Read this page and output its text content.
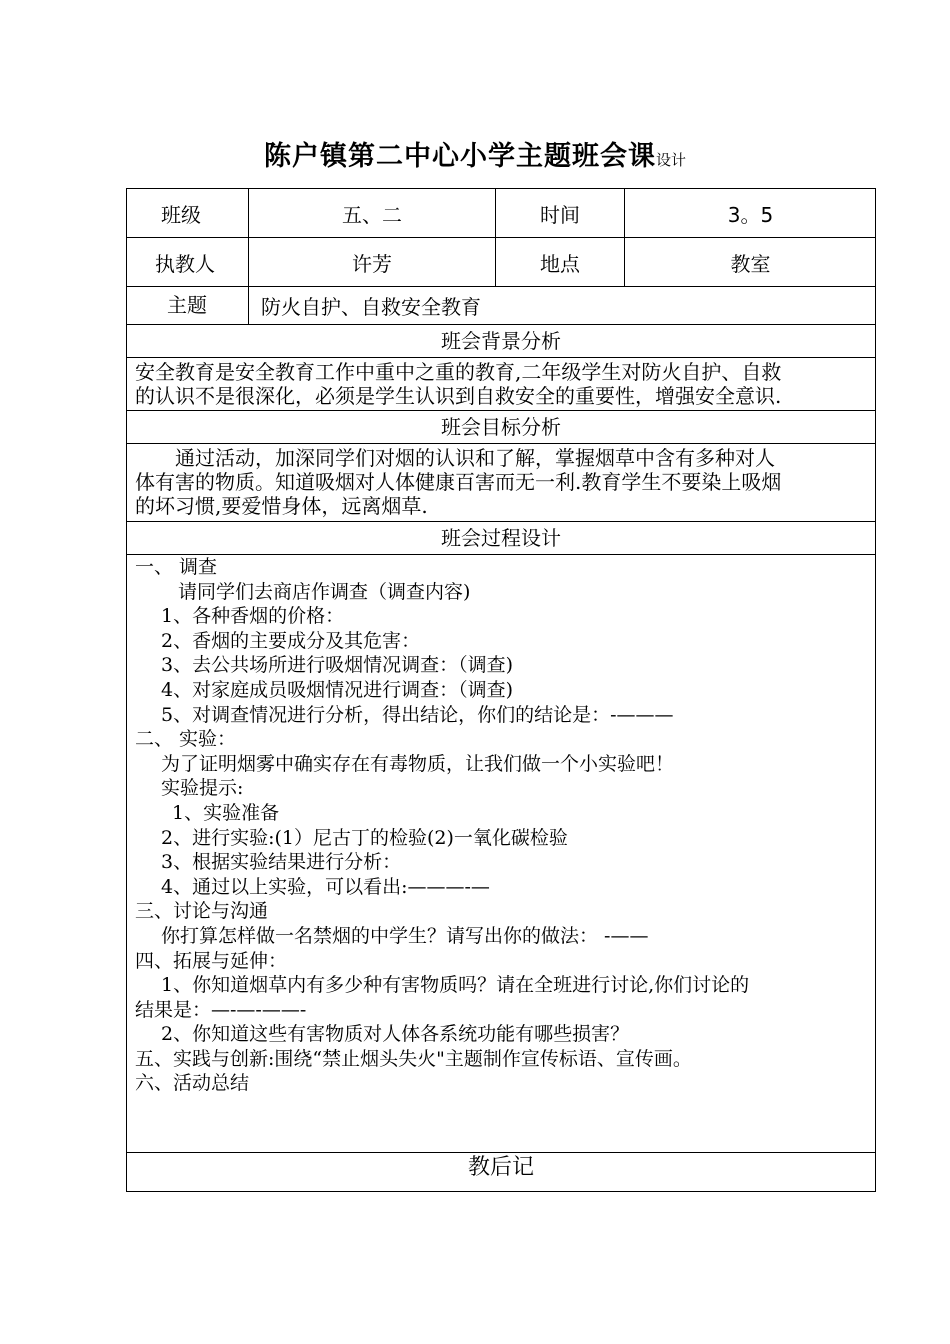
陈户镇第二中心小学主题班会课设计
班级	五、二	时间	3。5
执教人	许芳	地点	教室
主题	防火自护、自救安全教育
班会背景分析
安全教育是安全教育工作中重中之重的教育,二年级学生对防火自护、自救
的认识不是很深化，必须是学生认识到自救安全的重要性，增强安全意识.
班会目标分析
通过活动，加深同学们对烟的认识和了解，掌握烟草中含有多种对人
体有害的物质。知道吸烟对人体健康百害而无一利.教育学生不要染上吸烟
的坏习惯,要爱惜身体，远离烟草.
班会过程设计
一、 调查
请同学们去商店作调查（调查内容)
1、各种香烟的价格：
2、香烟的主要成分及其危害：
3、去公共场所进行吸烟情况调查：（调查)
4、对家庭成员吸烟情况进行调查：（调查)
5、对调查情况进行分析，得出结论，你们的结论是：-———
二、 实验：
为了证明烟雾中确实存在有毒物质，让我们做一个小实验吧！
实验提示:
1、实验准备
2、进行实验:(1）尼古丁的检验(2)一氧化碳检验
3、根据实验结果进行分析：
4、通过以上实验，可以看出:———-—
三、讨论与沟通
你打算怎样做一名禁烟的中学生？请写出你的做法： -——
四、拓展与延伸：
1、你知道烟草内有多少种有害物质吗？请在全班进行讨论,你们讨论的
结果是：—-—-——-
2、你知道这些有害物质对人体各系统功能有哪些损害？
五、实践与创新:围绕“禁止烟头失火"主题制作宣传标语、宣传画。
六、活动总结
教后记
